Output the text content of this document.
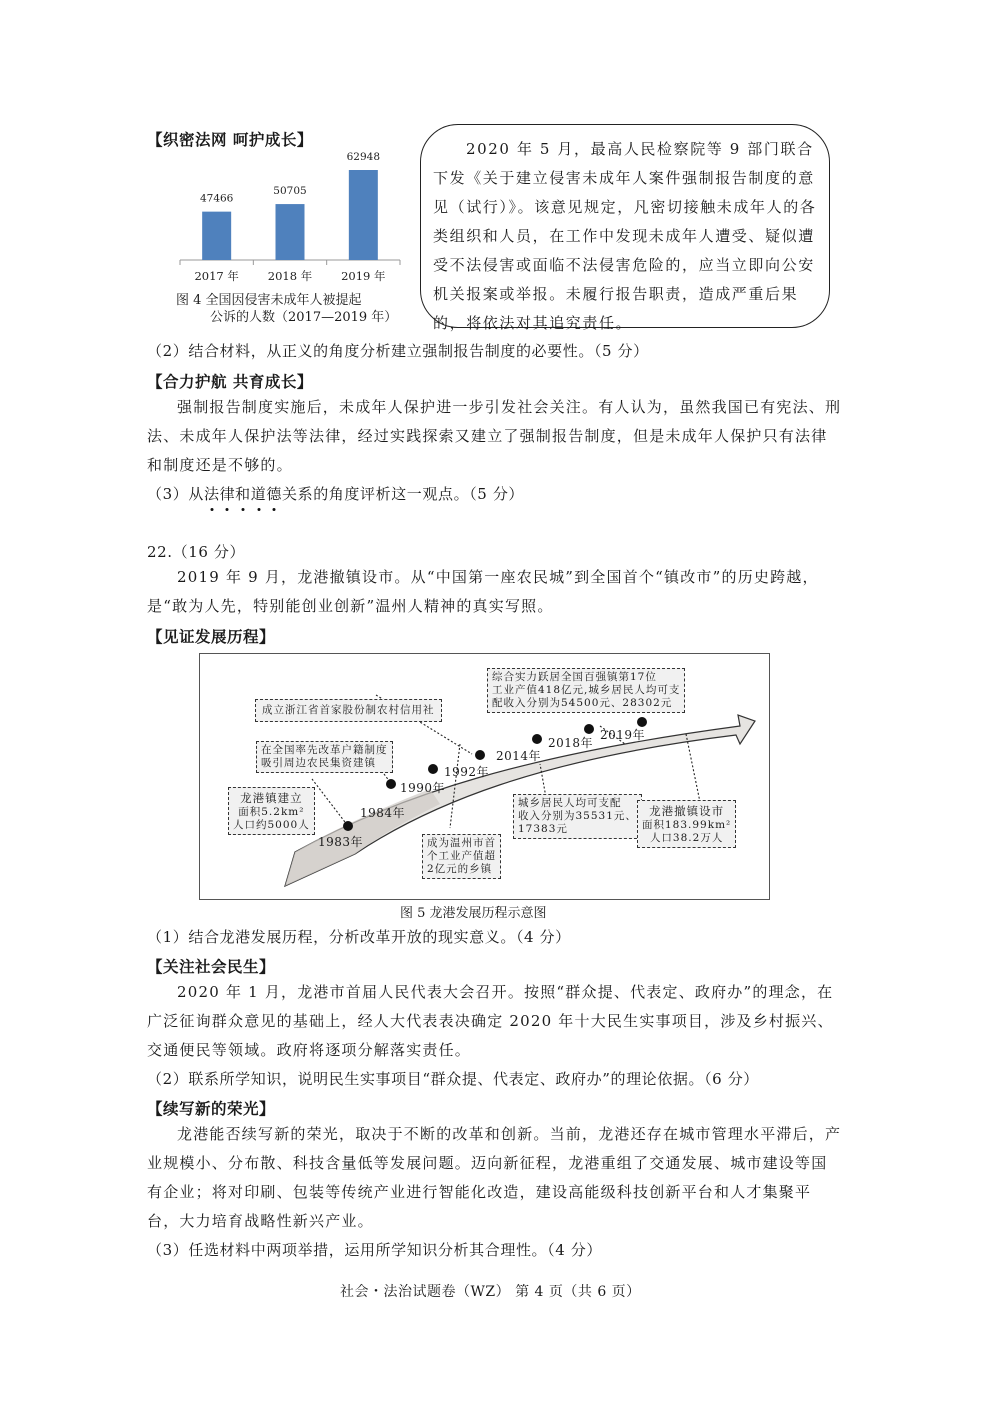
【织密法网 呵护成长】
47466
2017 年
50705
2018 年
62948
2019 年
图 4 全国因侵害未成年人被提起
公诉的人数（2017—2019 年）

2020 年 5 月，最高人民检察院等 9 部门联合下发《关于建立侵害未成年人案件强制报告制度的意见（试行）》。该意见规定，凡密切接触未成年人的各类组织和人员，在工作中发现未成年人遭受、疑似遭受不法侵害或面临不法侵害危险的，应当立即向公安机关报案或举报。未履行报告职责，造成严重后果的，将依法对其追究责任。

（2）结合材料，从正义的角度分析建立强制报告制度的必要性。（5 分）
【合力护航 共育成长】
强制报告制度实施后，未成年人保护进一步引发社会关注。有人认为，虽然我国已有宪法、刑法、未成年人保护法等法律，经过实践探索又建立了强制报告制度，但是未成年人保护只有法律和制度还是不够的。
（3）从法律和道德关系的角度评析这一观点。（5 分）
22.（16 分）
2019 年 9 月，龙港撤镇设市。从“中国第一座农民城”到全国首个“镇改市”的历史跨越，是“敢为人先，特别能创业创新”温州人精神的真实写照。
【见证发展历程】
1983年
1984年
1990年
1992年
2014年
2018年
2019年
龙港镇建立
面积5.2km²
人口约5000人
在全国率先改革户籍制度
吸引周边农民集资建镇
成为温州市首
个工业产值超
2亿元的乡镇
成立浙江省首家股份制农村信用社
城乡居民人均可支配
收入分别为35531元、
17383元
综合实力跃居全国百强镇第17位
工业产值418亿元,城乡居民人均可支
配收入分别为54500元、28302元
龙港撤镇设市
面积183.99km²
人口38.2万人
图 5 龙港发展历程示意图
（1）结合龙港发展历程，分析改革开放的现实意义。（4 分）
【关注社会民生】
2020 年 1 月，龙港市首届人民代表大会召开。按照“群众提、代表定、政府办”的理念，在广泛征询群众意见的基础上，经人大代表表决确定 2020 年十大民生实事项目，涉及乡村振兴、交通便民等领域。政府将逐项分解落实责任。
（2）联系所学知识，说明民生实事项目“群众提、代表定、政府办”的理论依据。（6 分）
【续写新的荣光】
龙港能否续写新的荣光，取决于不断的改革和创新。当前，龙港还存在城市管理水平滞后，产业规模小、分布散、科技含量低等发展问题。迈向新征程，龙港重组了交通发展、城市建设等国有企业；将对印刷、包装等传统产业进行智能化改造，建设高能级科技创新平台和人才集聚平台，大力培育战略性新兴产业。
（3）任选材料中两项举措，运用所学知识分析其合理性。（4 分）
社会・法治试题卷（WZ） 第 4 页（共 6 页）
